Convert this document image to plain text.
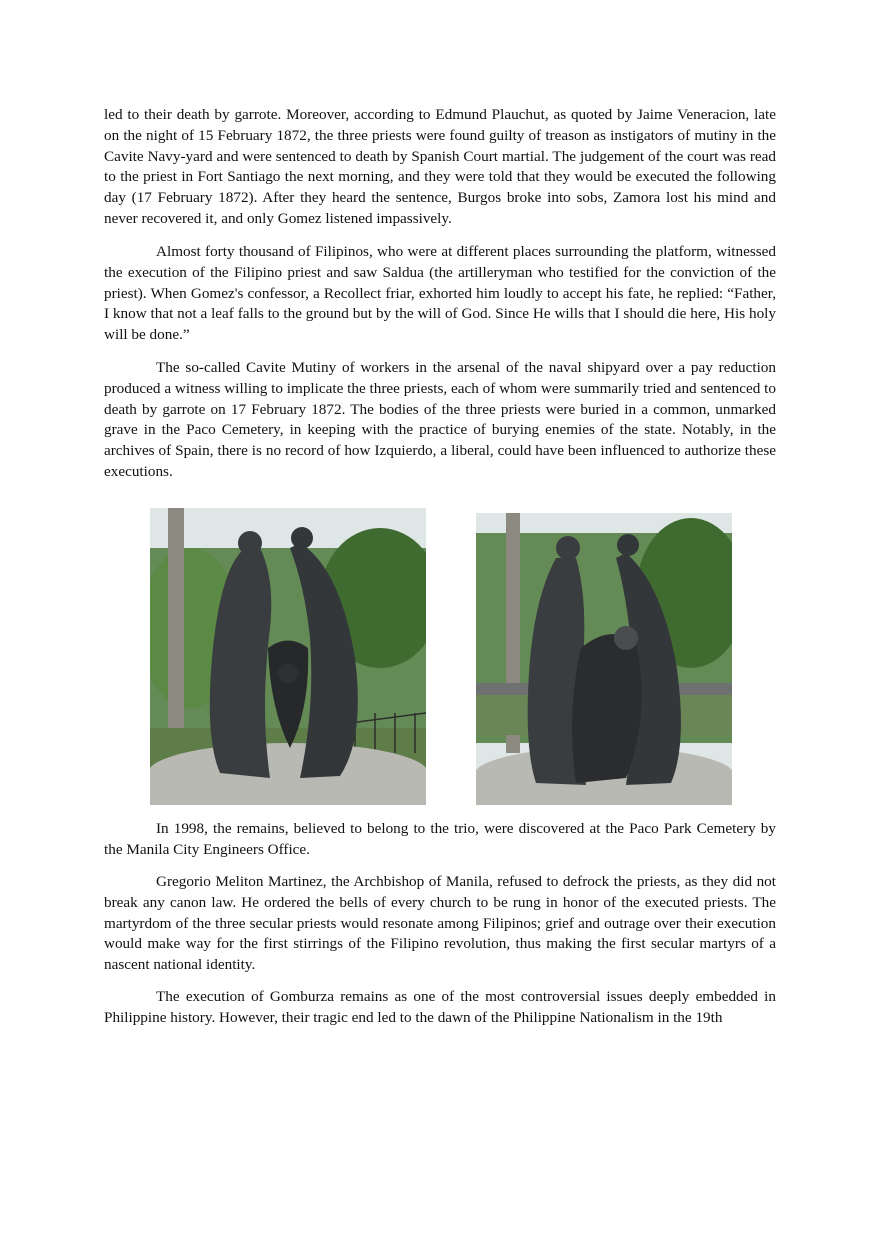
led to their death by garrote. Moreover, according to Edmund Plauchut, as quoted by Jaime Veneracion, late on the night of 15 February 1872, the three priests were found guilty of treason as instigators of mutiny in the Cavite Navy-yard and were sentenced to death by Spanish Court martial. The judgement of the court was read to the priest in Fort Santiago the next morning, and they were told that they would be executed the following day (17 February 1872). After they heard the sentence, Burgos broke into sobs, Zamora lost his mind and never recovered it, and only Gomez listened impassively.

Almost forty thousand of Filipinos, who were at different places surrounding the platform, witnessed the execution of the Filipino priest and saw Saldua (the artilleryman who testified for the conviction of the priest). When Gomez's confessor, a Recollect friar, exhorted him loudly to accept his fate, he replied: “Father, I know that not a leaf falls to the ground but by the will of God. Since He wills that I should die here, His holy will be done.”

The so-called Cavite Mutiny of workers in the arsenal of the naval shipyard over a pay reduction produced a witness willing to implicate the three priests, each of whom were summarily tried and sentenced to death by garrote on 17 February 1872. The bodies of the three priests were buried in a common, unmarked grave in the Paco Cemetery, in keeping with the practice of burying enemies of the state. Notably, in the archives of Spain, there is no record of how Izquierdo, a liberal, could have been influenced to authorize these executions.

In 1998, the remains, believed to belong to the trio, were discovered at the Paco Park Cemetery by the Manila City Engineers Office.

Gregorio Meliton Martinez, the Archbishop of Manila, refused to defrock the priests, as they did not break any canon law. He ordered the bells of every church to be rung in honor of the executed priests. The martyrdom of the three secular priests would resonate among Filipinos; grief and outrage over their execution would make way for the first stirrings of the Filipino revolution, thus making the first secular martyrs of a nascent national identity.

The execution of Gomburza remains as one of the most controversial issues deeply embedded in Philippine history. However, their tragic end led to the dawn of the Philippine Nationalism in the 19th
